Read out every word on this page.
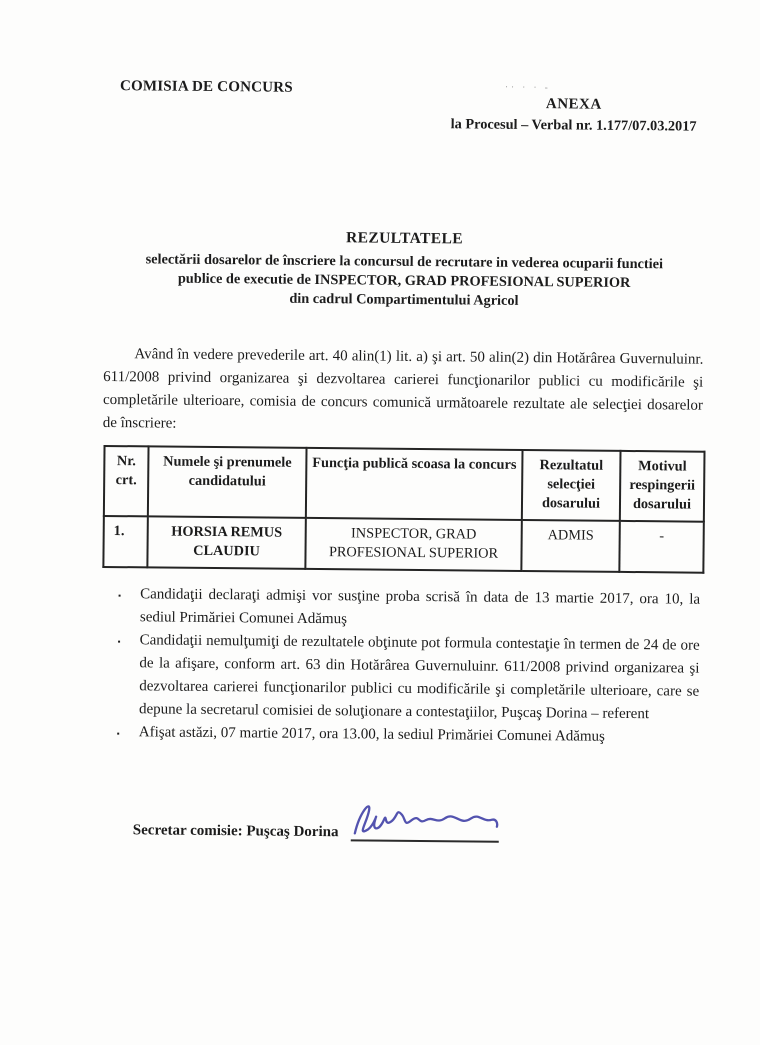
COMISIA DE CONCURS	·· · · ‐
ANEXA
la Procesul – Verbal nr. 1.177/07.03.2017
REZULTATELE
selectării dosarelor de înscriere la concursul de recrutare in vederea ocuparii functiei
publice de executie de INSPECTOR, GRAD PROFESIONAL SUPERIOR
din cadrul Compartimentului Agricol

Având în vedere prevederile art. 40 alin(1) lit. a) şi art. 50 alin(2) din Hotărârea Guvernuluinr. 611/2008 privind organizarea şi dezvoltarea carierei funcţionarilor publici cu modificările şi completările ulterioare, comisia de concurs comunică următoarele rezultate ale selecţiei dosarelor de înscriere:

Nr. crt.	Numele şi prenumele candidatului	Funcţia publică scoasa la concurs	Rezultatul selecţiei dosarului	Motivul respingerii dosarului
1.	HORSIA REMUS CLAUDIU	INSPECTOR, GRAD PROFESIONAL SUPERIOR	ADMIS	-
▪	Candidaţii declaraţi admişi vor susţine proba scrisă în data de 13 martie 2017, ora 10, la sediul Primăriei Comunei Adămuş
▪	Candidaţii nemulţumiţi de rezultatele obţinute pot formula contestaţie în termen de 24 de ore de la afişare, conform art. 63 din Hotărârea Guvernuluinr. 611/2008 privind organizarea şi dezvoltarea carierei funcţionarilor publici cu modificările şi completările ulterioare, care se depune la secretarul comisiei de soluţionare a contestaţiilor, Puşcaş Dorina – referent
▪	Afişat astăzi, 07 martie 2017, ora 13.00, la sediul Primăriei Comunei Adămuş
Secretar comisie: Puşcaş Dorina
